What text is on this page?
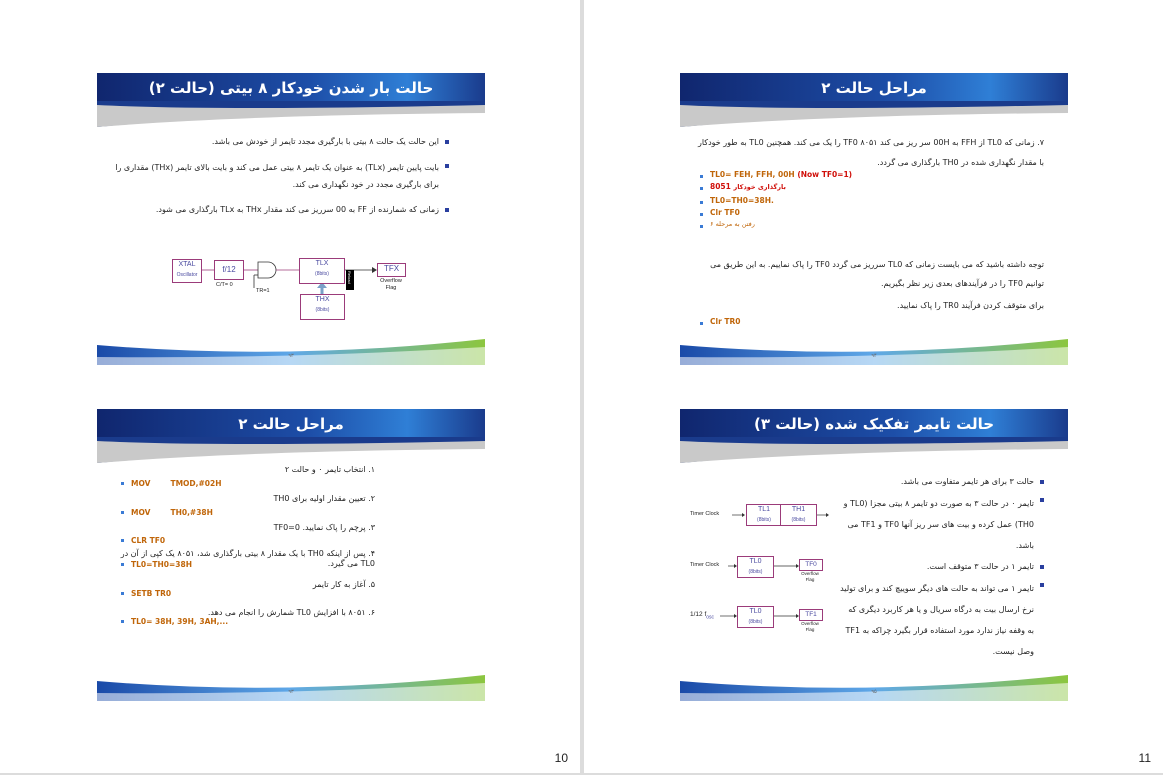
10
حالت بار شدن خودکار ۸ بیتی (حالت ۲)
این حالت یک حالت ۸ بیتی با بارگیری مجدد تایمر از خودش می باشد.
بایت پایین تایمر (TLx) به عنوان یک تایمر ۸ بیتی عمل می کند و بایت بالای تایمر (THx) مقداری را برای بارگیری مجدد در خود نگهداری می کند.
زمانی که شمارنده از FF به 00 سرریز می کند مقدار THx به TLx بارگذاری می شود.
XTAL
Oscillator
f/12
TLX
(8bits)
THX
(8bits)
Reload
TFX
Overflow
Flag
C/T= 0
TR=1
۹۳
مراحل حالت ۲
۱. انتخاب تایمر ۰ و حالت ۲
۲. تعیین مقدار اولیه برای TH0
۳. پرچم را پاک نمایید. TF0=0
۴. پس از اینکه TH0 با یک مقدار ۸ بیتی بارگذاری شد، ۸۰۵۱ یک کپی از آن در TL0 می گیرد.
۵. آغاز به کار تایمر
۶. ۸۰۵۱ با افزایش TL0 شمارش را انجام می دهد.
MOV	TMOD,#02H
MOV	TH0,#38H
CLR TF0
TL0=TH0=38H
SETB TR0
TL0= 38H, 39H, 3AH,...
۹۳
11
مراحل حالت ۲
۷. زمانی که TL0 از FFH به 00H سر ریز می کند ۸۰۵۱ TF0 را یک می کند. همچنین TL0 به طور خودکار با مقدار نگهداری شده در TH0 بارگذاری می گردد.
TL0= FEH, FFH, 00H (Now TF0=1)
8051 بارگذاری خودکار
TL0=TH0=38H.
Clr TF0
رفتن به مرحله ۶
توجه داشته باشید که می بایست زمانی که TL0 سرریز می گردد TF0 را پاک نماییم. به این طریق می توانیم TF0 را در فرآیندهای بعدی زیر نظر بگیریم.
برای متوقف کردن فرآیند TR0 را پاک نمایید.
Clr TR0
۹۴
حالت تایمر تفکیک شده (حالت ۳)
حالت ۳ برای هر تایمر متفاوت می باشد.
تایمر ۰ در حالت ۳ به صورت دو تایمر ۸ بیتی مجزا (TL0 و TH0) عمل کرده و بیت های سر ریز آنها TF0 و TF1 می باشد.
تایمر ۱ در حالت ۳ متوقف است.
تایمر ۱ می تواند به حالت های دیگر سوییچ کند و برای تولید نرخ ارسال بیت به درگاه سریال و یا هر کاربرد دیگری که به وقفه نیاز ندارد مورد استفاده قرار بگیرد چراکه به TF1 وصل نیست.
Timer Clock
TL1
(8bits)
TH1
(8bits)
Timer Clock	TL0
(8bits)
TF0
Overflow
Flag
1/12 $f_{osc}$
TL0
(8bits)
TF1
Overflow
Flag
۹۵
